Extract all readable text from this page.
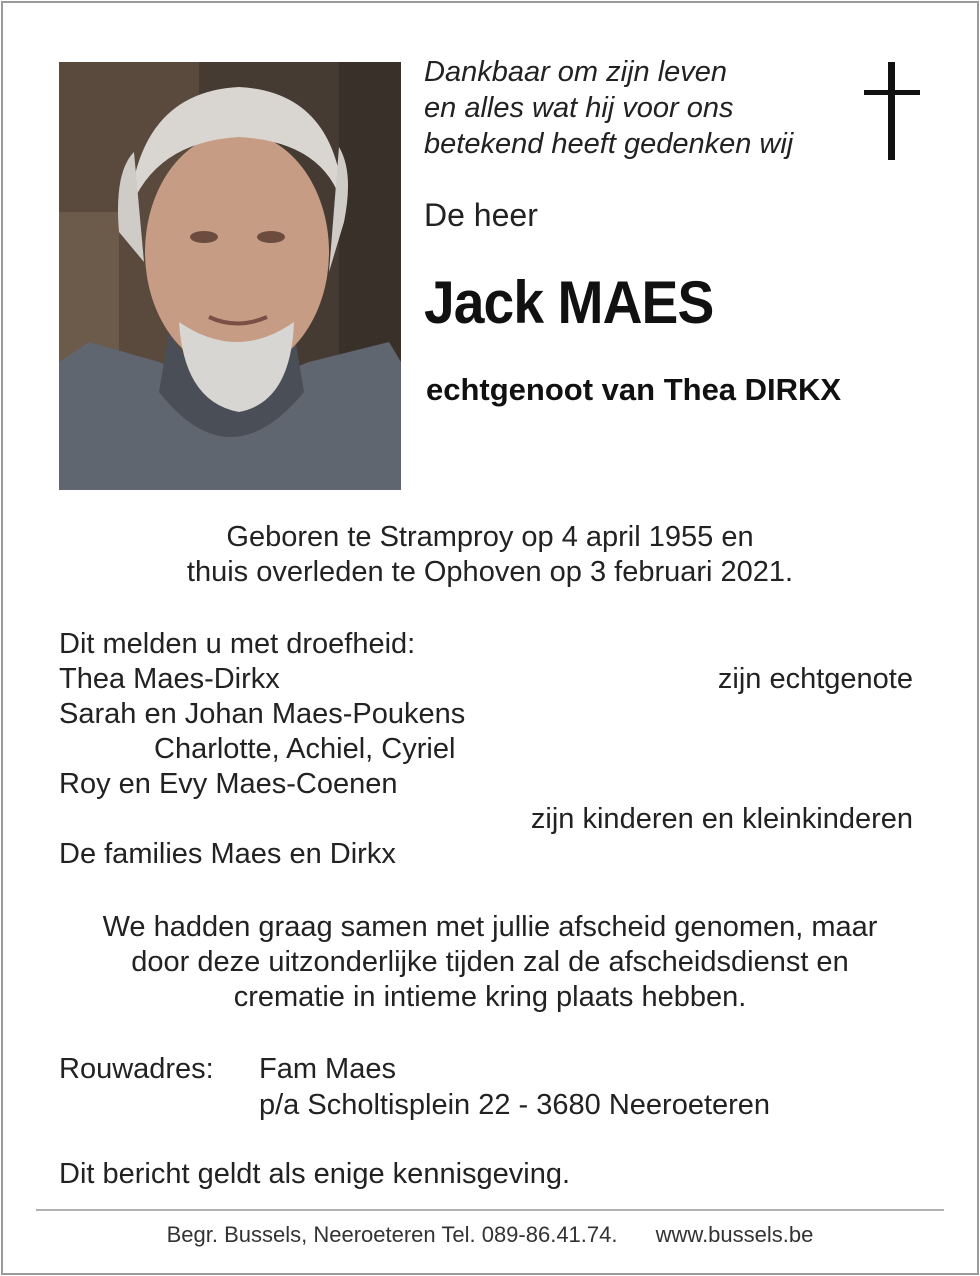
Dankbaar om zijn leven
en alles wat hij voor ons
betekend heeft gedenken wij
De heer
Jack MAES
echtgenoot van Thea DIRKX
Geboren te Stramproy op 4 april 1955 en
thuis overleden te Ophoven op 3 februari 2021.
Dit melden u met droefheid:
Thea Maes-Dirkx	zijn echtgenote
Sarah en Johan Maes-Poukens
Charlotte, Achiel, Cyriel
Roy en Evy Maes-Coenen
zijn kinderen en kleinkinderen
De families Maes en Dirkx
We hadden graag samen met jullie afscheid genomen, maar
door deze uitzonderlijke tijden zal de afscheidsdienst en
crematie in intieme kring plaats hebben.
Rouwadres: Fam Maes
p/a Scholtisplein 22 - 3680 Neeroeteren
Dit bericht geldt als enige kennisgeving.
Begr. Bussels, Neeroeteren Tel. 089-86.41.74. www.bussels.be
